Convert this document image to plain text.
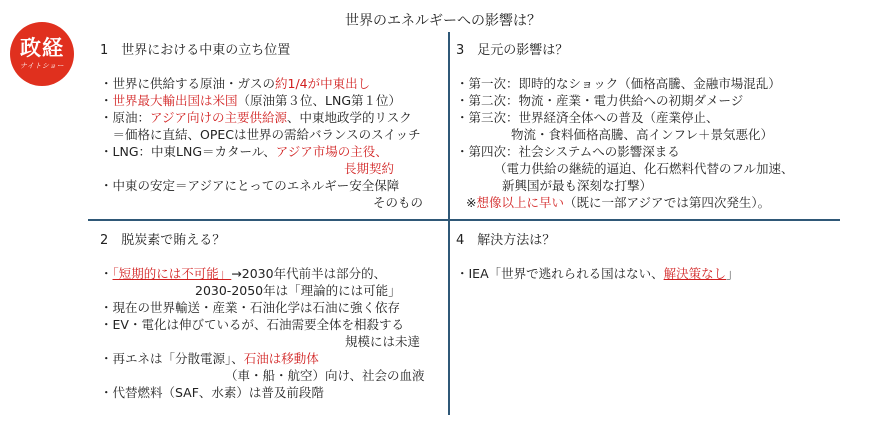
政経
ナイトショー
世界のエネルギーへの影響は？
1　世界における中東の立ち位置
・世界に供給する原油・ガスの約1/4が中東出し
・世界最大輸出国は米国（原油第３位、LNG第１位）
・原油：アジア向けの主要供給源、中東地政学的リスク
　＝価格に直結、OPECは世界の需給バランスのスイッチ
・LNG：中東LNG＝カタール、アジア市場の主役、
長期契約
・中東の安定＝アジアにとってのエネルギー安全保障
そのもの
3　足元の影響は？
・第一次：即時的なショック（価格高騰、金融市場混乱）
・第二次：物流・産業・電力供給への初期ダメージ
・第三次：世界経済全体への普及（産業停止、
物流・食料価格高騰、高インフレ＋景気悪化）
・第四次：社会システムへの影響深まる
（電力供給の継続的逼迫、化石燃料代替のフル加速、
新興国が最も深刻な打撃）
※想像以上に早い（既に一部アジアでは第四次発生）。
2　脱炭素で賄える？
・「短期的には不可能」→2030年代前半は部分的、
2030-2050年は「理論的には可能」
・現在の世界輸送・産業・石油化学は石油に強く依存
・EV・電化は伸びているが、石油需要全体を相殺する
規模には未達
・再エネは「分散電源」、石油は移動体
（車・船・航空）向け、社会の血液
・代替燃料（SAF、水素）は普及前段階
4　解決方法は？
・IEA「世界で逃れられる国はない、解決策なし」
